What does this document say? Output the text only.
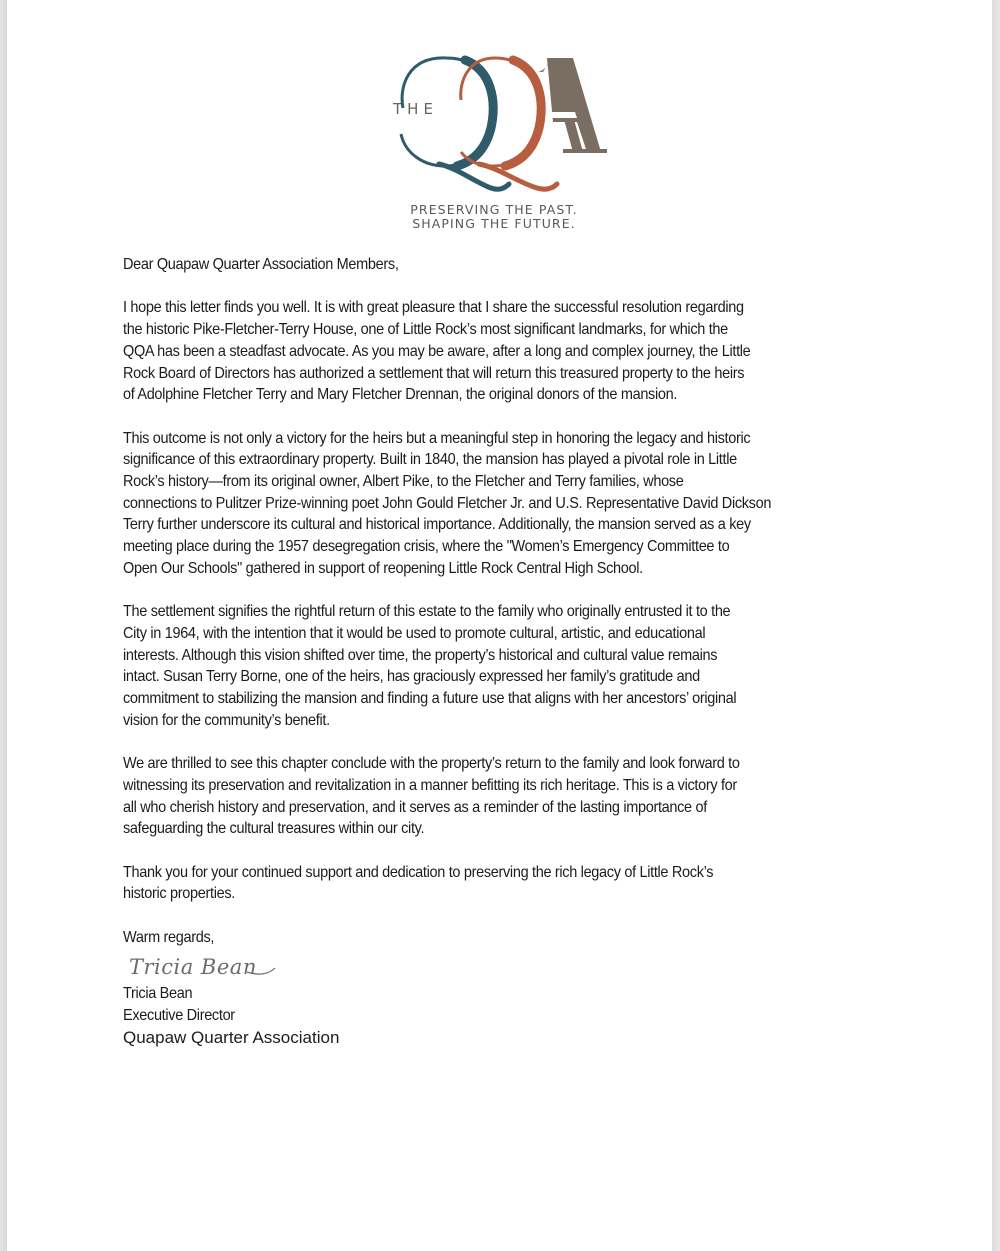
THE
PRESERVING THE PAST.
SHAPING THE FUTURE.
Dear Quapaw Quarter Association Members,
I hope this letter finds you well. It is with great pleasure that I share the successful resolution regarding
the historic Pike-Fletcher-Terry House, one of Little Rock’s most significant landmarks, for which the
QQA has been a steadfast advocate. As you may be aware, after a long and complex journey, the Little
Rock Board of Directors has authorized a settlement that will return this treasured property to the heirs
of Adolphine Fletcher Terry and Mary Fletcher Drennan, the original donors of the mansion.
This outcome is not only a victory for the heirs but a meaningful step in honoring the legacy and historic
significance of this extraordinary property. Built in 1840, the mansion has played a pivotal role in Little
Rock’s history—from its original owner, Albert Pike, to the Fletcher and Terry families, whose
connections to Pulitzer Prize-winning poet John Gould Fletcher Jr. and U.S. Representative David Dickson
Terry further underscore its cultural and historical importance. Additionally, the mansion served as a key
meeting place during the 1957 desegregation crisis, where the "Women’s Emergency Committee to
Open Our Schools" gathered in support of reopening Little Rock Central High School.
The settlement signifies the rightful return of this estate to the family who originally entrusted it to the
City in 1964, with the intention that it would be used to promote cultural, artistic, and educational
interests. Although this vision shifted over time, the property’s historical and cultural value remains
intact. Susan Terry Borne, one of the heirs, has graciously expressed her family’s gratitude and
commitment to stabilizing the mansion and finding a future use that aligns with her ancestors’ original
vision for the community’s benefit.
We are thrilled to see this chapter conclude with the property’s return to the family and look forward to
witnessing its preservation and revitalization in a manner befitting its rich heritage. This is a victory for
all who cherish history and preservation, and it serves as a reminder of the lasting importance of
safeguarding the cultural treasures within our city.
Thank you for your continued support and dedication to preserving the rich legacy of Little Rock’s
historic properties.
Warm regards,
Tricia Bean
Tricia Bean
Executive Director
Quapaw Quarter Association
